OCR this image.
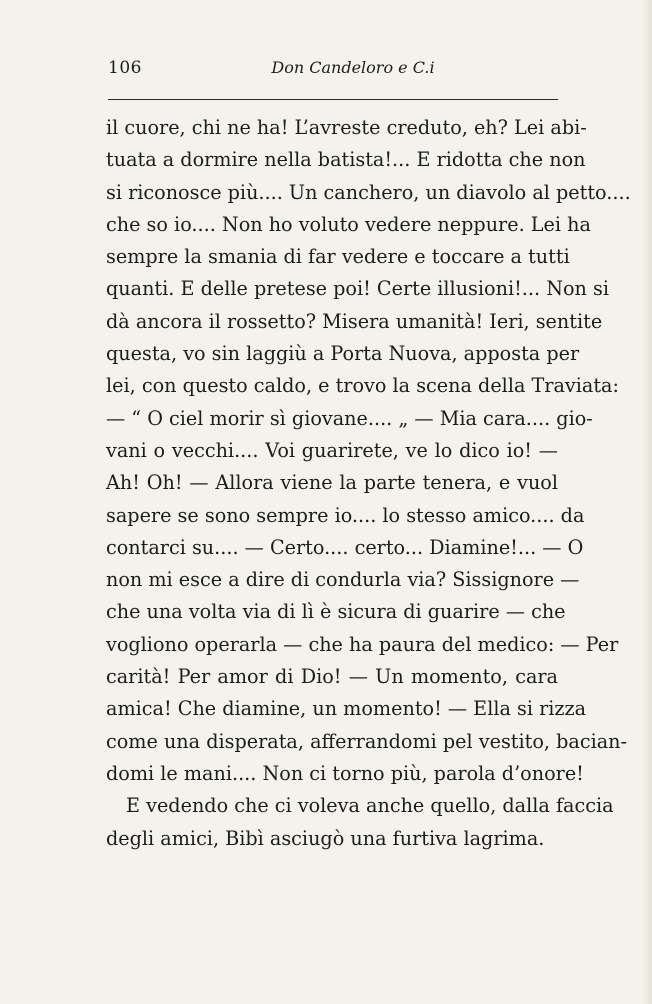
106	Don Candeloro e C.i
il cuore, chi ne ha! L’avreste creduto, eh? Lei abi-
tuata a dormire nella batista!... E ridotta che non
si riconosce più.... Un canchero, un diavolo al petto....
che so io.... Non ho voluto vedere neppure. Lei ha
sempre la smania di far vedere e toccare a tutti
quanti. E delle pretese poi! Certe illusioni!... Non si
dà ancora il rossetto? Misera umanità! Ieri, sentite
questa, vo sin laggiù a Porta Nuova, apposta per
lei, con questo caldo, e trovo la scena della Traviata:
— “ O ciel morir sì giovane.... „ — Mia cara.... gio-
vani o vecchi.... Voi guarirete, ve lo dico io! —
Ah! Oh! — Allora viene la parte tenera, e vuol
sapere se sono sempre io.... lo stesso amico.... da
contarci su.... — Certo.... certo... Diamine!... — O
non mi esce a dire di condurla via? Sissignore —
che una volta via di lì è sicura di guarire — che
vogliono operarla — che ha paura del medico: — Per
carità! Per amor di Dio! — Un momento, cara
amica! Che diamine, un momento! — Ella si rizza
come una disperata, afferrandomi pel vestito, bacian-
domi le mani.... Non ci torno più, parola d’onore!
E vedendo che ci voleva anche quello, dalla faccia
degli amici, Bibì asciugò una furtiva lagrima.
